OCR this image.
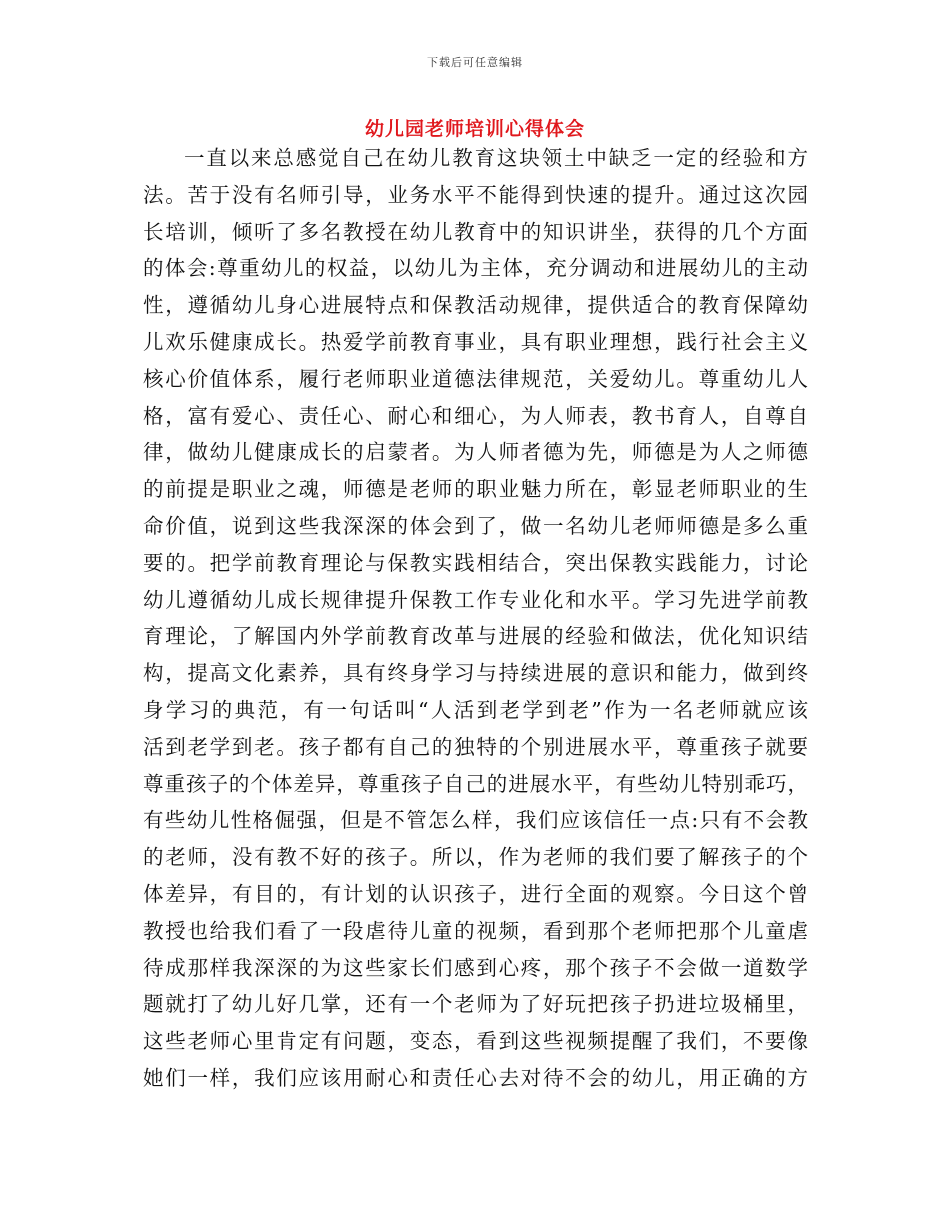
下载后可任意编辑
幼儿园老师培训心得体会
一直以来总感觉自己在幼儿教育这块领土中缺乏一定的经验和方
法。苦于没有名师引导，业务水平不能得到快速的提升。通过这次园
长培训，倾听了多名教授在幼儿教育中的知识讲坐，获得的几个方面
的体会:尊重幼儿的权益，以幼儿为主体，充分调动和进展幼儿的主动
性，遵循幼儿身心进展特点和保教活动规律，提供适合的教育保障幼
儿欢乐健康成长。热爱学前教育事业，具有职业理想，践行社会主义
核心价值体系，履行老师职业道德法律规范，关爱幼儿。尊重幼儿人
格，富有爱心、责任心、耐心和细心，为人师表，教书育人，自尊自
律，做幼儿健康成长的启蒙者。为人师者德为先，师德是为人之师德
的前提是职业之魂，师德是老师的职业魅力所在，彰显老师职业的生
命价值，说到这些我深深的体会到了，做一名幼儿老师师德是多么重
要的。把学前教育理论与保教实践相结合，突出保教实践能力，讨论
幼儿遵循幼儿成长规律提升保教工作专业化和水平。学习先进学前教
育理论，了解国内外学前教育改革与进展的经验和做法，优化知识结
构，提高文化素养，具有终身学习与持续进展的意识和能力，做到终
身学习的典范，有一句话叫“人活到老学到老”作为一名老师就应该
活到老学到老。孩子都有自己的独特的个别进展水平，尊重孩子就要
尊重孩子的个体差异，尊重孩子自己的进展水平，有些幼儿特别乖巧，
有些幼儿性格倔强，但是不管怎么样，我们应该信任一点:只有不会教
的老师，没有教不好的孩子。所以，作为老师的我们要了解孩子的个
体差异，有目的，有计划的认识孩子，进行全面的观察。今日这个曾
教授也给我们看了一段虐待儿童的视频，看到那个老师把那个儿童虐
待成那样我深深的为这些家长们感到心疼，那个孩子不会做一道数学
题就打了幼儿好几掌，还有一个老师为了好玩把孩子扔进垃圾桶里，
这些老师心里肯定有问题，变态，看到这些视频提醒了我们，不要像
她们一样，我们应该用耐心和责任心去对待不会的幼儿，用正确的方
